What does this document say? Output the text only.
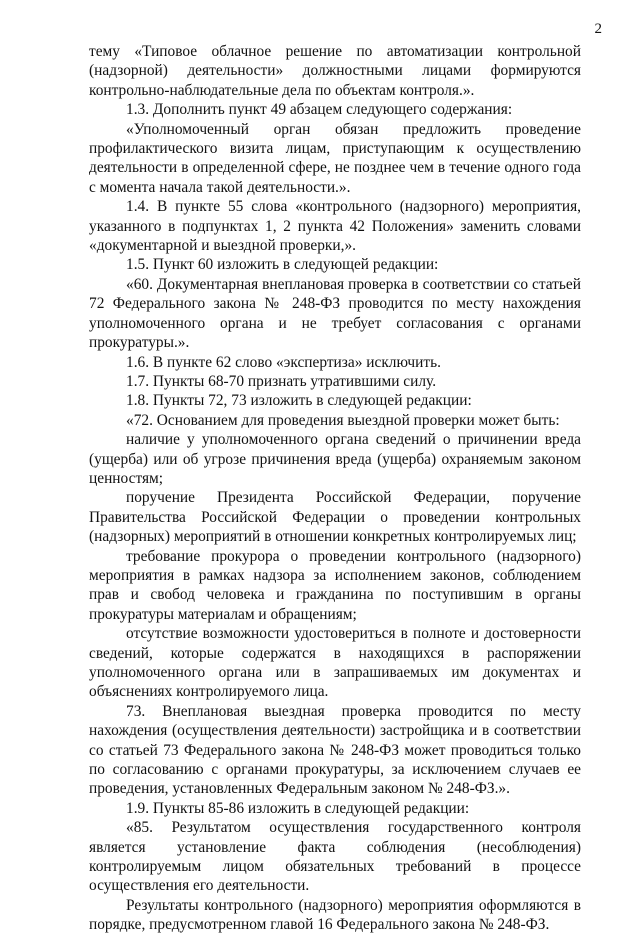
2

тему «Типовое облачное решение по автоматизации контрольной (надзорной) деятельности» должностными лицами формируются контрольно-наблюдательные дела по объектам контроля.».

1.3. Дополнить пункт 49 абзацем следующего содержания:

«Уполномоченный орган обязан предложить проведение профилактического визита лицам, приступающим к осуществлению деятельности в определенной сфере, не позднее чем в течение одного года с момента начала такой деятельности.».

1.4. В пункте 55 слова «контрольного (надзорного) мероприятия, указанного в подпунктах 1, 2 пункта 42 Положения» заменить словами «документарной и выездной проверки,».

1.5. Пункт 60 изложить в следующей редакции:

«60. Документарная внеплановая проверка в соответствии со статьей 72 Федерального закона № 248-ФЗ проводится по месту нахождения уполномоченного органа и не требует согласования с органами прокуратуры.».

1.6. В пункте 62 слово «экспертиза» исключить.

1.7. Пункты 68-70 признать утратившими силу.

1.8. Пункты 72, 73 изложить в следующей редакции:

«72. Основанием для проведения выездной проверки может быть:

наличие у уполномоченного органа сведений о причинении вреда (ущерба) или об угрозе причинения вреда (ущерба) охраняемым законом ценностям;

поручение Президента Российской Федерации, поручение Правительства Российской Федерации о проведении контрольных (надзорных) мероприятий в отношении конкретных контролируемых лиц;

требование прокурора о проведении контрольного (надзорного) мероприятия в рамках надзора за исполнением законов, соблюдением прав и свобод человека и гражданина по поступившим в органы прокуратуры материалам и обращениям;

отсутствие возможности удостовериться в полноте и достоверности сведений, которые содержатся в находящихся в распоряжении уполномоченного органа или в запрашиваемых им документах и объяснениях контролируемого лица.

73. Внеплановая выездная проверка проводится по месту нахождения (осуществления деятельности) застройщика и в соответствии со статьей 73 Федерального закона № 248-ФЗ может проводиться только по согласованию с органами прокуратуры, за исключением случаев ее проведения, установленных Федеральным законом № 248-ФЗ.».

1.9. Пункты 85-86 изложить в следующей редакции:

«85. Результатом осуществления государственного контроля является установление факта соблюдения (несоблюдения) контролируемым лицом обязательных требований в процессе осуществления его деятельности.

Результаты контрольного (надзорного) мероприятия оформляются в порядке, предусмотренном главой 16 Федерального закона № 248-ФЗ.
